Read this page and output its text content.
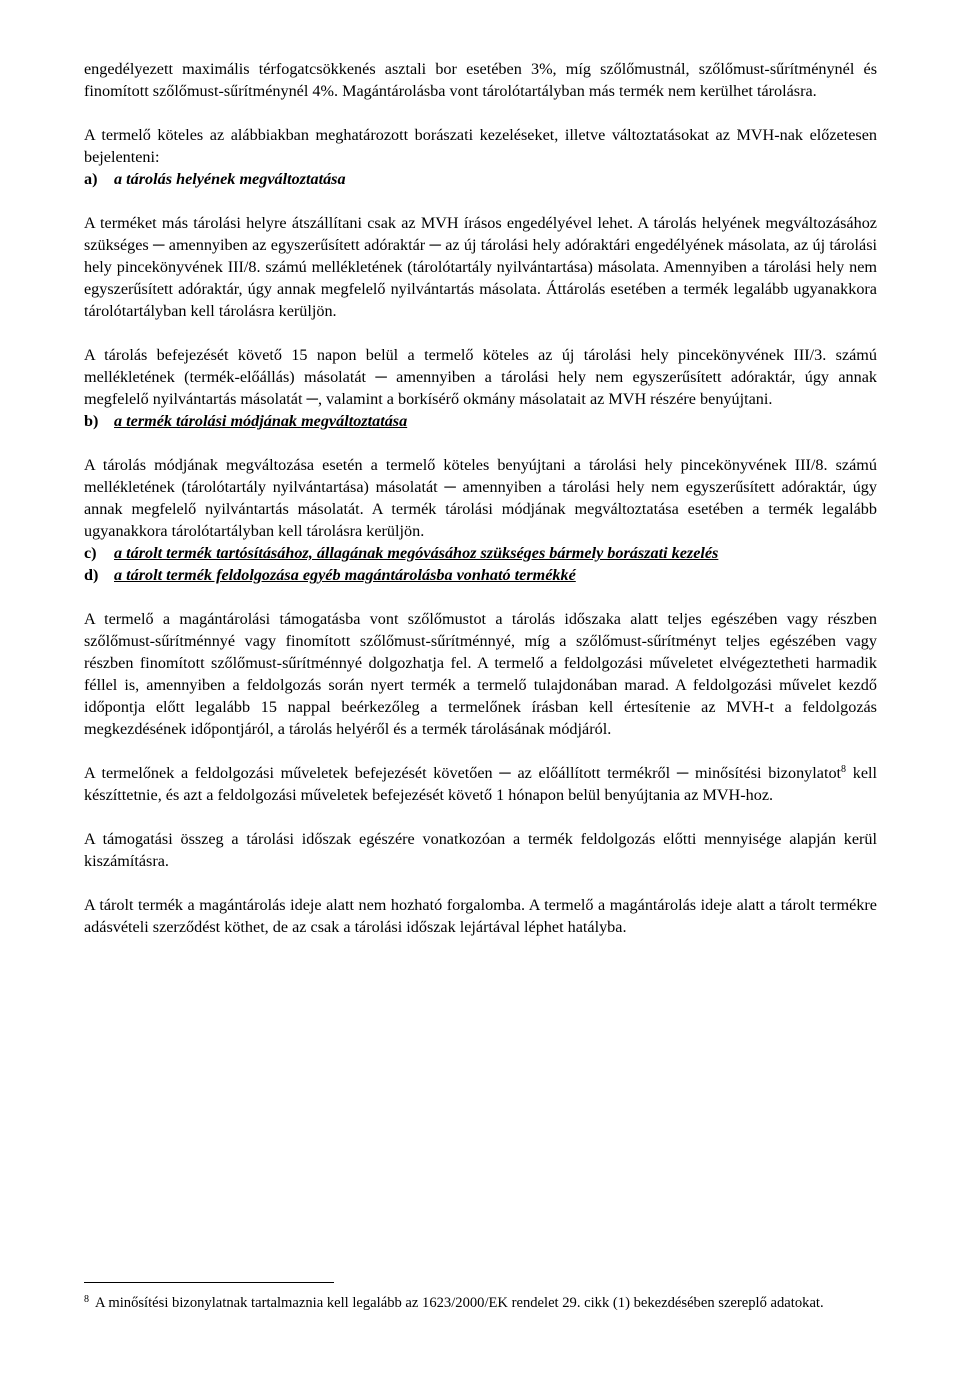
engedélyezett maximális térfogatcsökkenés asztali bor esetében 3%, míg szőlőmustnál, szőlőmust-sűrítménynél és finomított szőlőmust-sűrítménynél 4%. Magántárolásba vont tárolótartályban más termék nem kerülhet tárolásra.

A termelő köteles az alábbiakban meghatározott borászati kezeléseket, illetve változtatásokat az MVH-nak előzetesen bejelenteni:

a)	a tárolás helyének megváltoztatása

A terméket más tárolási helyre átszállítani csak az MVH írásos engedélyével lehet. A tárolás helyének megváltozásához szükséges ─ amennyiben az egyszerűsített adóraktár ─ az új tárolási hely adóraktári engedélyének másolata, az új tárolási hely pincekönyvének III/8. számú mellékletének (tárolótartály nyilvántartása) másolata. Amennyiben a tárolási hely nem egyszerűsített adóraktár, úgy annak megfelelő nyilvántartás másolata. Áttárolás esetében a termék legalább ugyanakkora tárolótartályban kell tárolásra kerüljön.

A tárolás befejezését követő 15 napon belül a termelő köteles az új tárolási hely pincekönyvének III/3. számú mellékletének (termék-előállás) másolatát ─ amennyiben a tárolási hely nem egyszerűsített adóraktár, úgy annak megfelelő nyilvántartás másolatát ─, valamint a borkísérő okmány másolatait az MVH részére benyújtani.

b) a termék tárolási módjának megváltoztatása

A tárolás módjának megváltozása esetén a termelő köteles benyújtani a tárolási hely pincekönyvének III/8. számú mellékletének (tárolótartály nyilvántartása) másolatát ─ amennyiben a tárolási hely nem egyszerűsített adóraktár, úgy annak megfelelő nyilvántartás másolatát. A termék tárolási módjának megváltoztatása esetében a termék legalább ugyanakkora tárolótartályban kell tárolásra kerüljön.

c)	a tárolt termék tartósításához, állagának megóvásához szükséges bármely borászati kezelés
d) a tárolt termék feldolgozása egyéb magántárolásba vonható termékké

A termelő a magántárolási támogatásba vont szőlőmustot a tárolás időszaka alatt teljes egészében vagy részben szőlőmust-sűrítménnyé vagy finomított szőlőmust-sűrítménnyé, míg a szőlőmust-sűrítményt teljes egészében vagy részben finomított szőlőmust-sűrítménnyé dolgozhatja fel. A termelő a feldolgozási műveletet elvégeztetheti harmadik féllel is, amennyiben a feldolgozás során nyert termék a termelő tulajdonában marad. A feldolgozási művelet kezdő időpontja előtt legalább 15 nappal beérkezőleg a termelőnek írásban kell értesítenie az MVH-t a feldolgozás megkezdésének időpontjáról, a tárolás helyéről és a termék tárolásának módjáról.

A termelőnek a feldolgozási műveletek befejezését követően ─ az előállított termékről ─ minősítési bizonylatot$^8$ kell készíttetnie, és azt a feldolgozási műveletek befejezését követő 1 hónapon belül benyújtania az MVH-hoz.

A támogatási összeg a tárolási időszak egészére vonatkozóan a termék feldolgozás előtti mennyisége alapján kerül kiszámításra.

A tárolt termék a magántárolás ideje alatt nem hozható forgalomba. A termelő a magántárolás ideje alatt a tárolt termékre adásvételi szerződést köthet, de az csak a tárolási időszak lejártával léphet hatályba.

$^8$ A minősítési bizonylatnak tartalmaznia kell legalább az 1623/2000/EK rendelet 29. cikk (1) bekezdésében szereplő adatokat.
